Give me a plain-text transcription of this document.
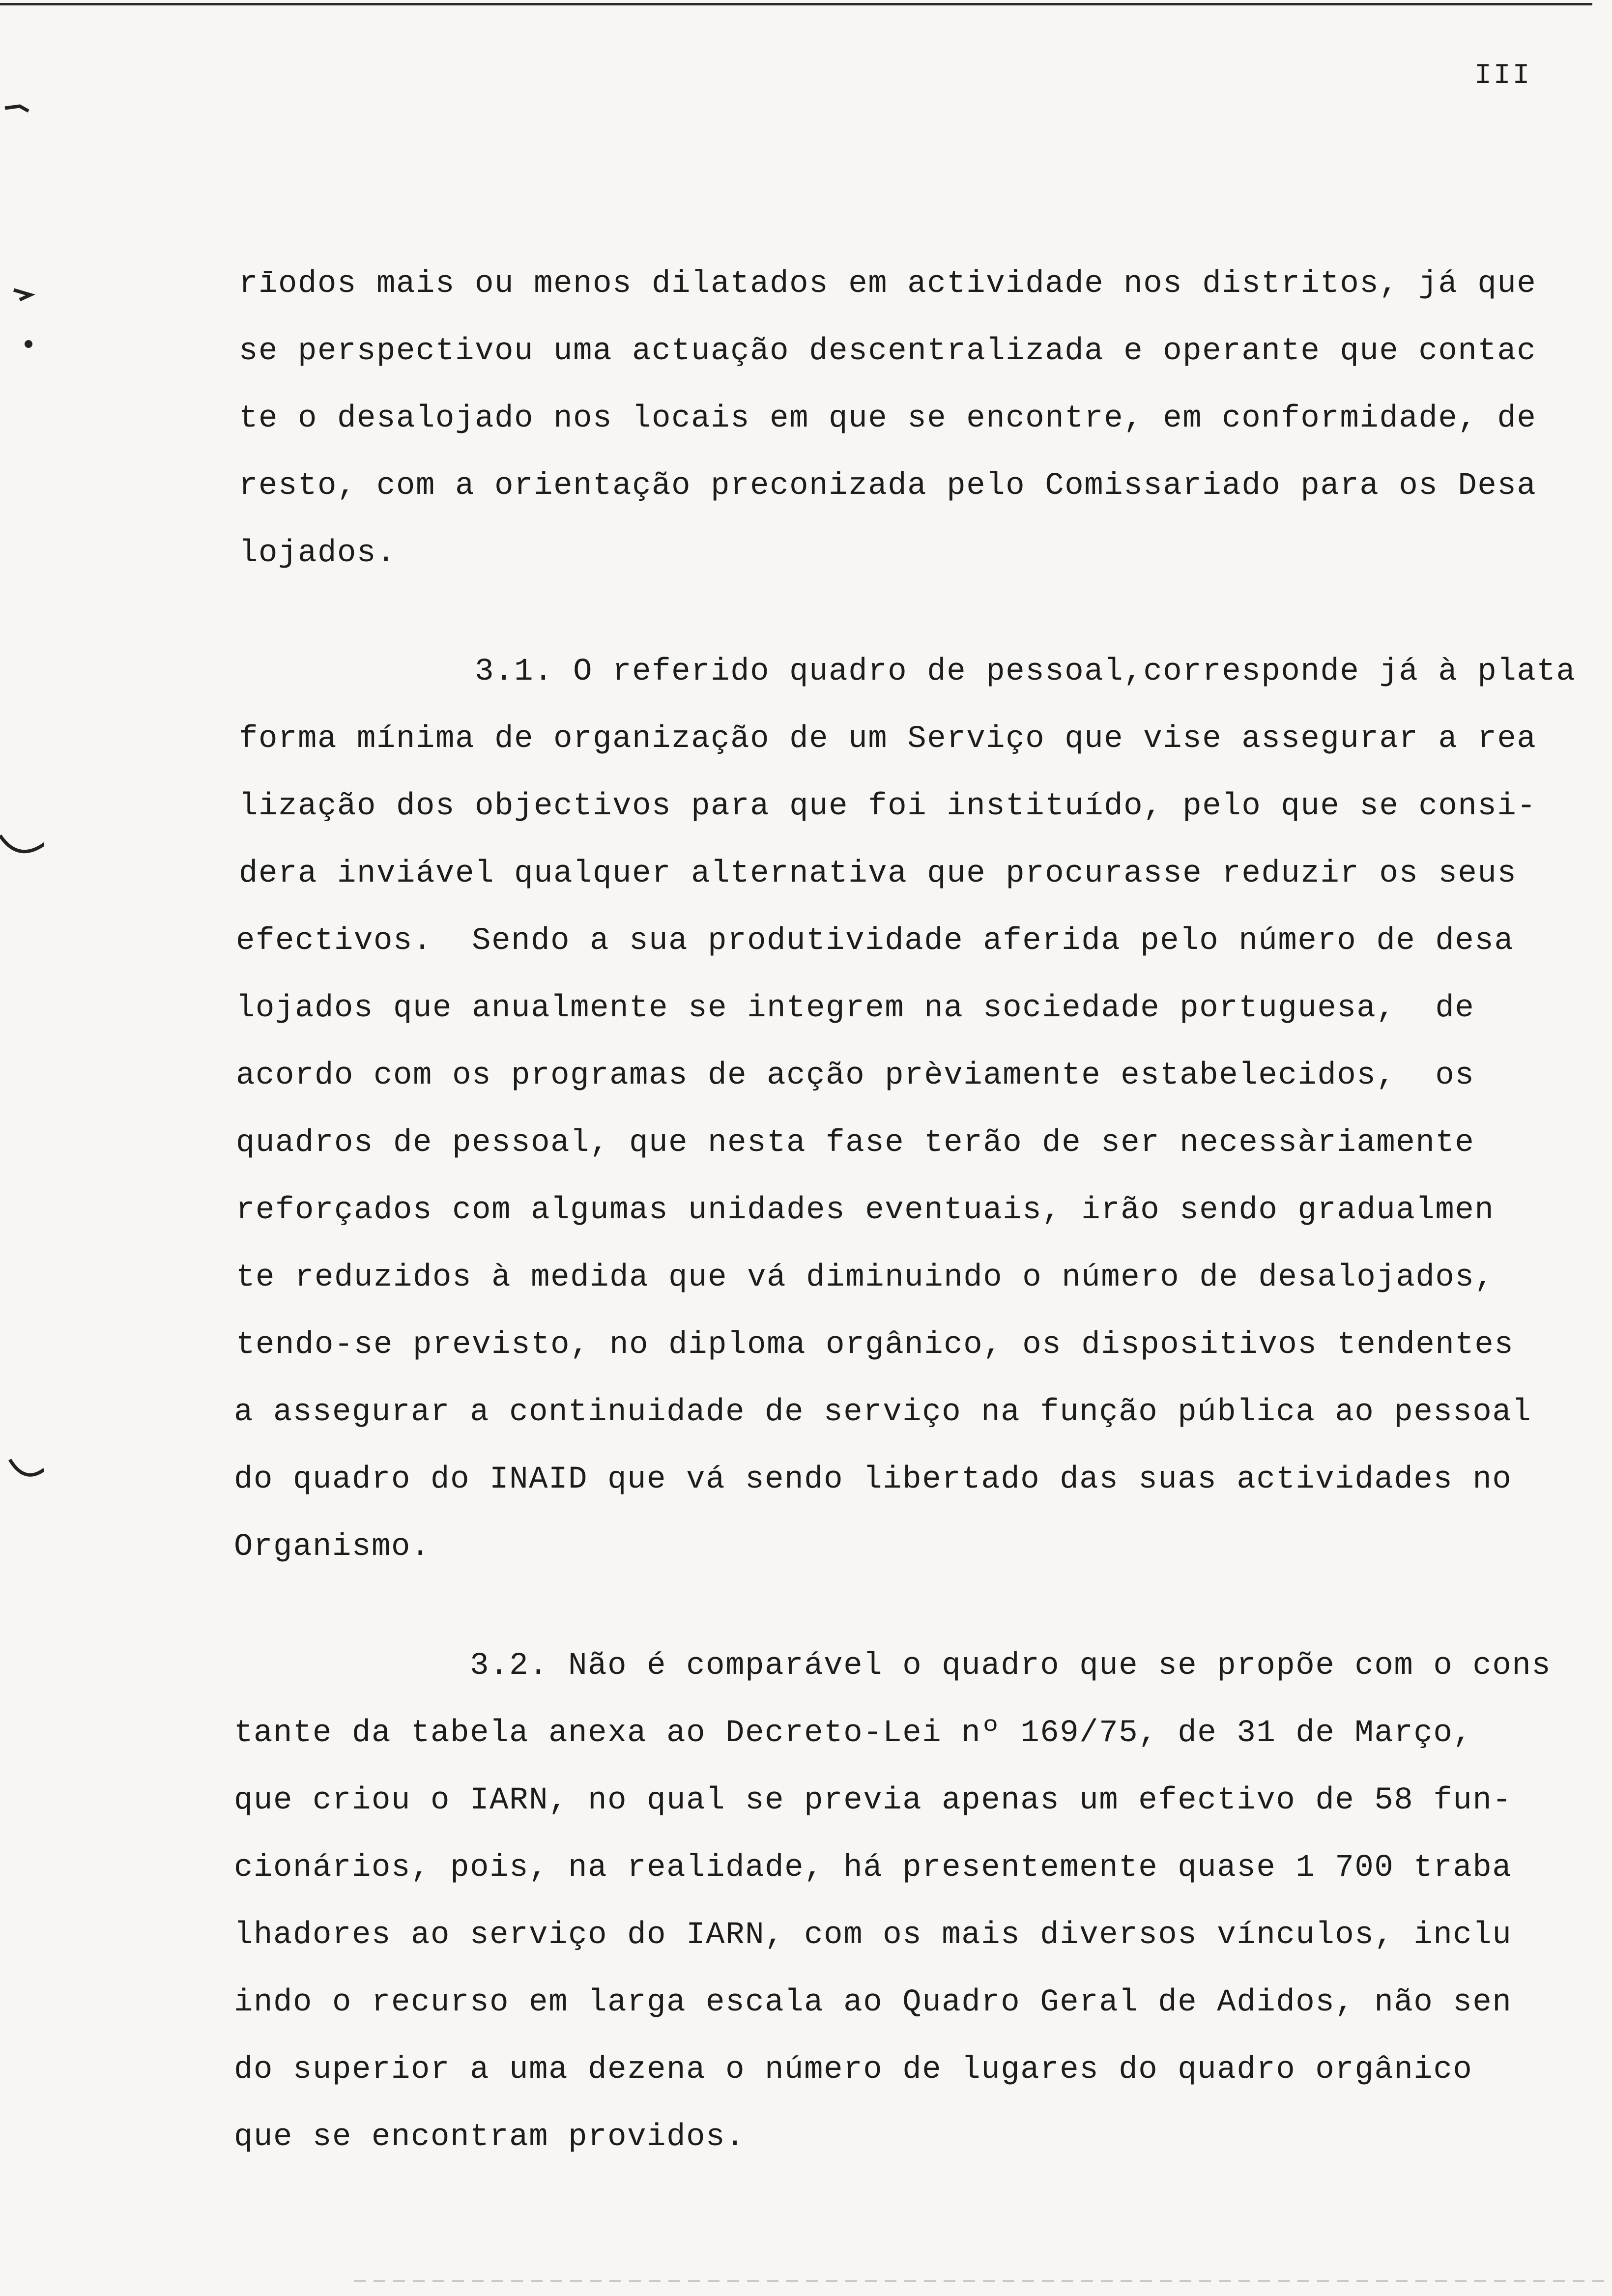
III
rīodos mais ou menos dilatados em actividade nos distritos, já que
se perspectivou uma actuação descentralizada e operante que contac
te o desalojado nos locais em que se encontre, em conformidade, de
resto, com a orientação preconizada pelo Comissariado para os Desa
lojados.
3.1. O referido quadro de pessoal,corresponde já à plata
forma mínima de organização de um Serviço que vise assegurar a rea
lização dos objectivos para que foi instituído, pelo que se consi-
dera inviável qualquer alternativa que procurasse reduzir os seus
efectivos.  Sendo a sua produtividade aferida pelo número de desa
lojados que anualmente se integrem na sociedade portuguesa,  de
acordo com os programas de acção prèviamente estabelecidos,  os
quadros de pessoal, que nesta fase terão de ser necessàriamente
reforçados com algumas unidades eventuais, irão sendo gradualmen
te reduzidos à medida que vá diminuindo o número de desalojados,
tendo-se previsto, no diploma orgânico, os dispositivos tendentes
a assegurar a continuidade de serviço na função pública ao pessoal
do quadro do INAID que vá sendo libertado das suas actividades no
Organismo.
3.2. Não é comparável o quadro que se propõe com o cons
tante da tabela anexa ao Decreto-Lei nº 169/75, de 31 de Março,
que criou o IARN, no qual se previa apenas um efectivo de 58 fun-
cionários, pois, na realidade, há presentemente quase 1 700 traba
lhadores ao serviço do IARN, com os mais diversos vínculos, inclu
indo o recurso em larga escala ao Quadro Geral de Adidos, não sen
do superior a uma dezena o número de lugares do quadro orgânico
que se encontram providos.
